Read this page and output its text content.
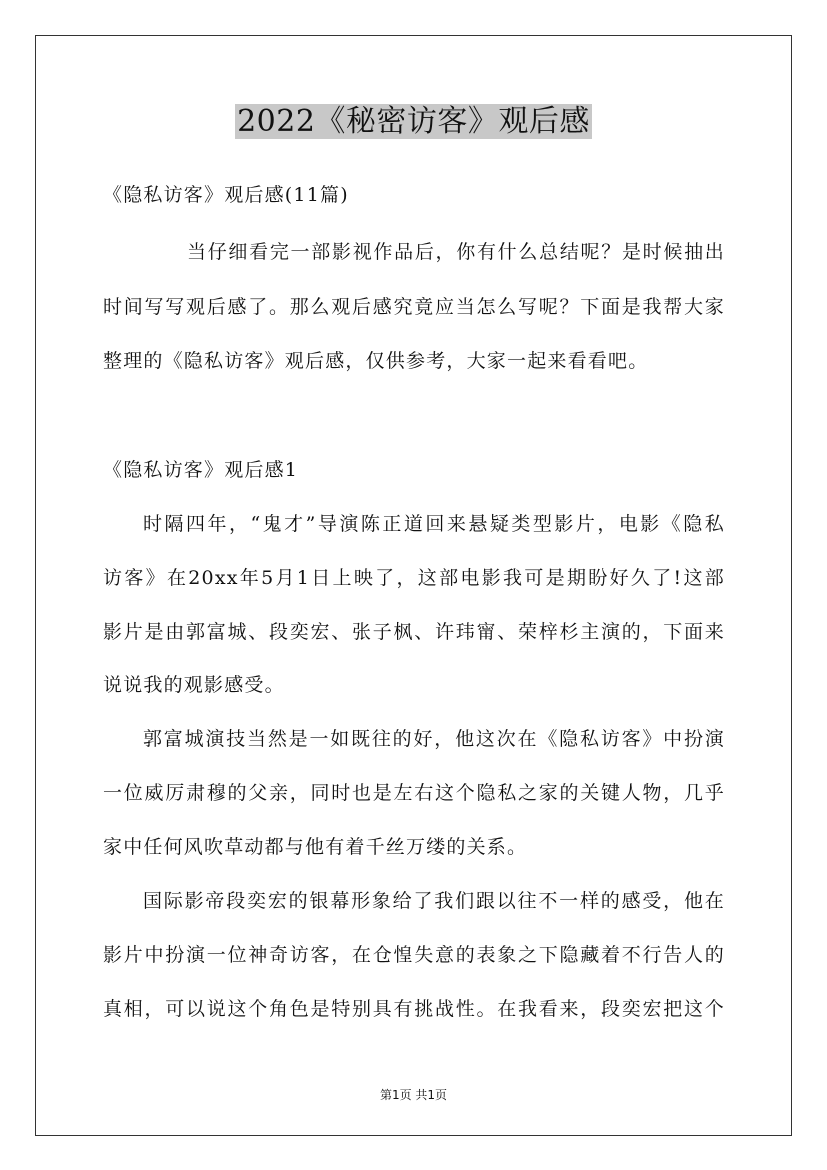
2022《秘密访客》观后感
《隐私访客》观后感(11篇)
当仔细看完一部影视作品后，你有什么总结呢？是时候抽出
时间写写观后感了。那么观后感究竟应当怎么写呢？下面是我帮大家
整理的《隐私访客》观后感，仅供参考，大家一起来看看吧。
《隐私访客》观后感1
时隔四年，“鬼才”导演陈正道回来悬疑类型影片，电影《隐私
访客》在20xx年5月1日上映了，这部电影我可是期盼好久了!这部
影片是由郭富城、段奕宏、张子枫、许玮甯、荣梓杉主演的，下面来
说说我的观影感受。
郭富城演技当然是一如既往的好，他这次在《隐私访客》中扮演
一位威厉肃穆的父亲，同时也是左右这个隐私之家的关键人物，几乎
家中任何风吹草动都与他有着千丝万缕的关系。
国际影帝段奕宏的银幕形象给了我们跟以往不一样的感受，他在
影片中扮演一位神奇访客，在仓惶失意的表象之下隐藏着不行告人的
真相，可以说这个角色是特别具有挑战性。在我看来，段奕宏把这个
第1页 共1页
